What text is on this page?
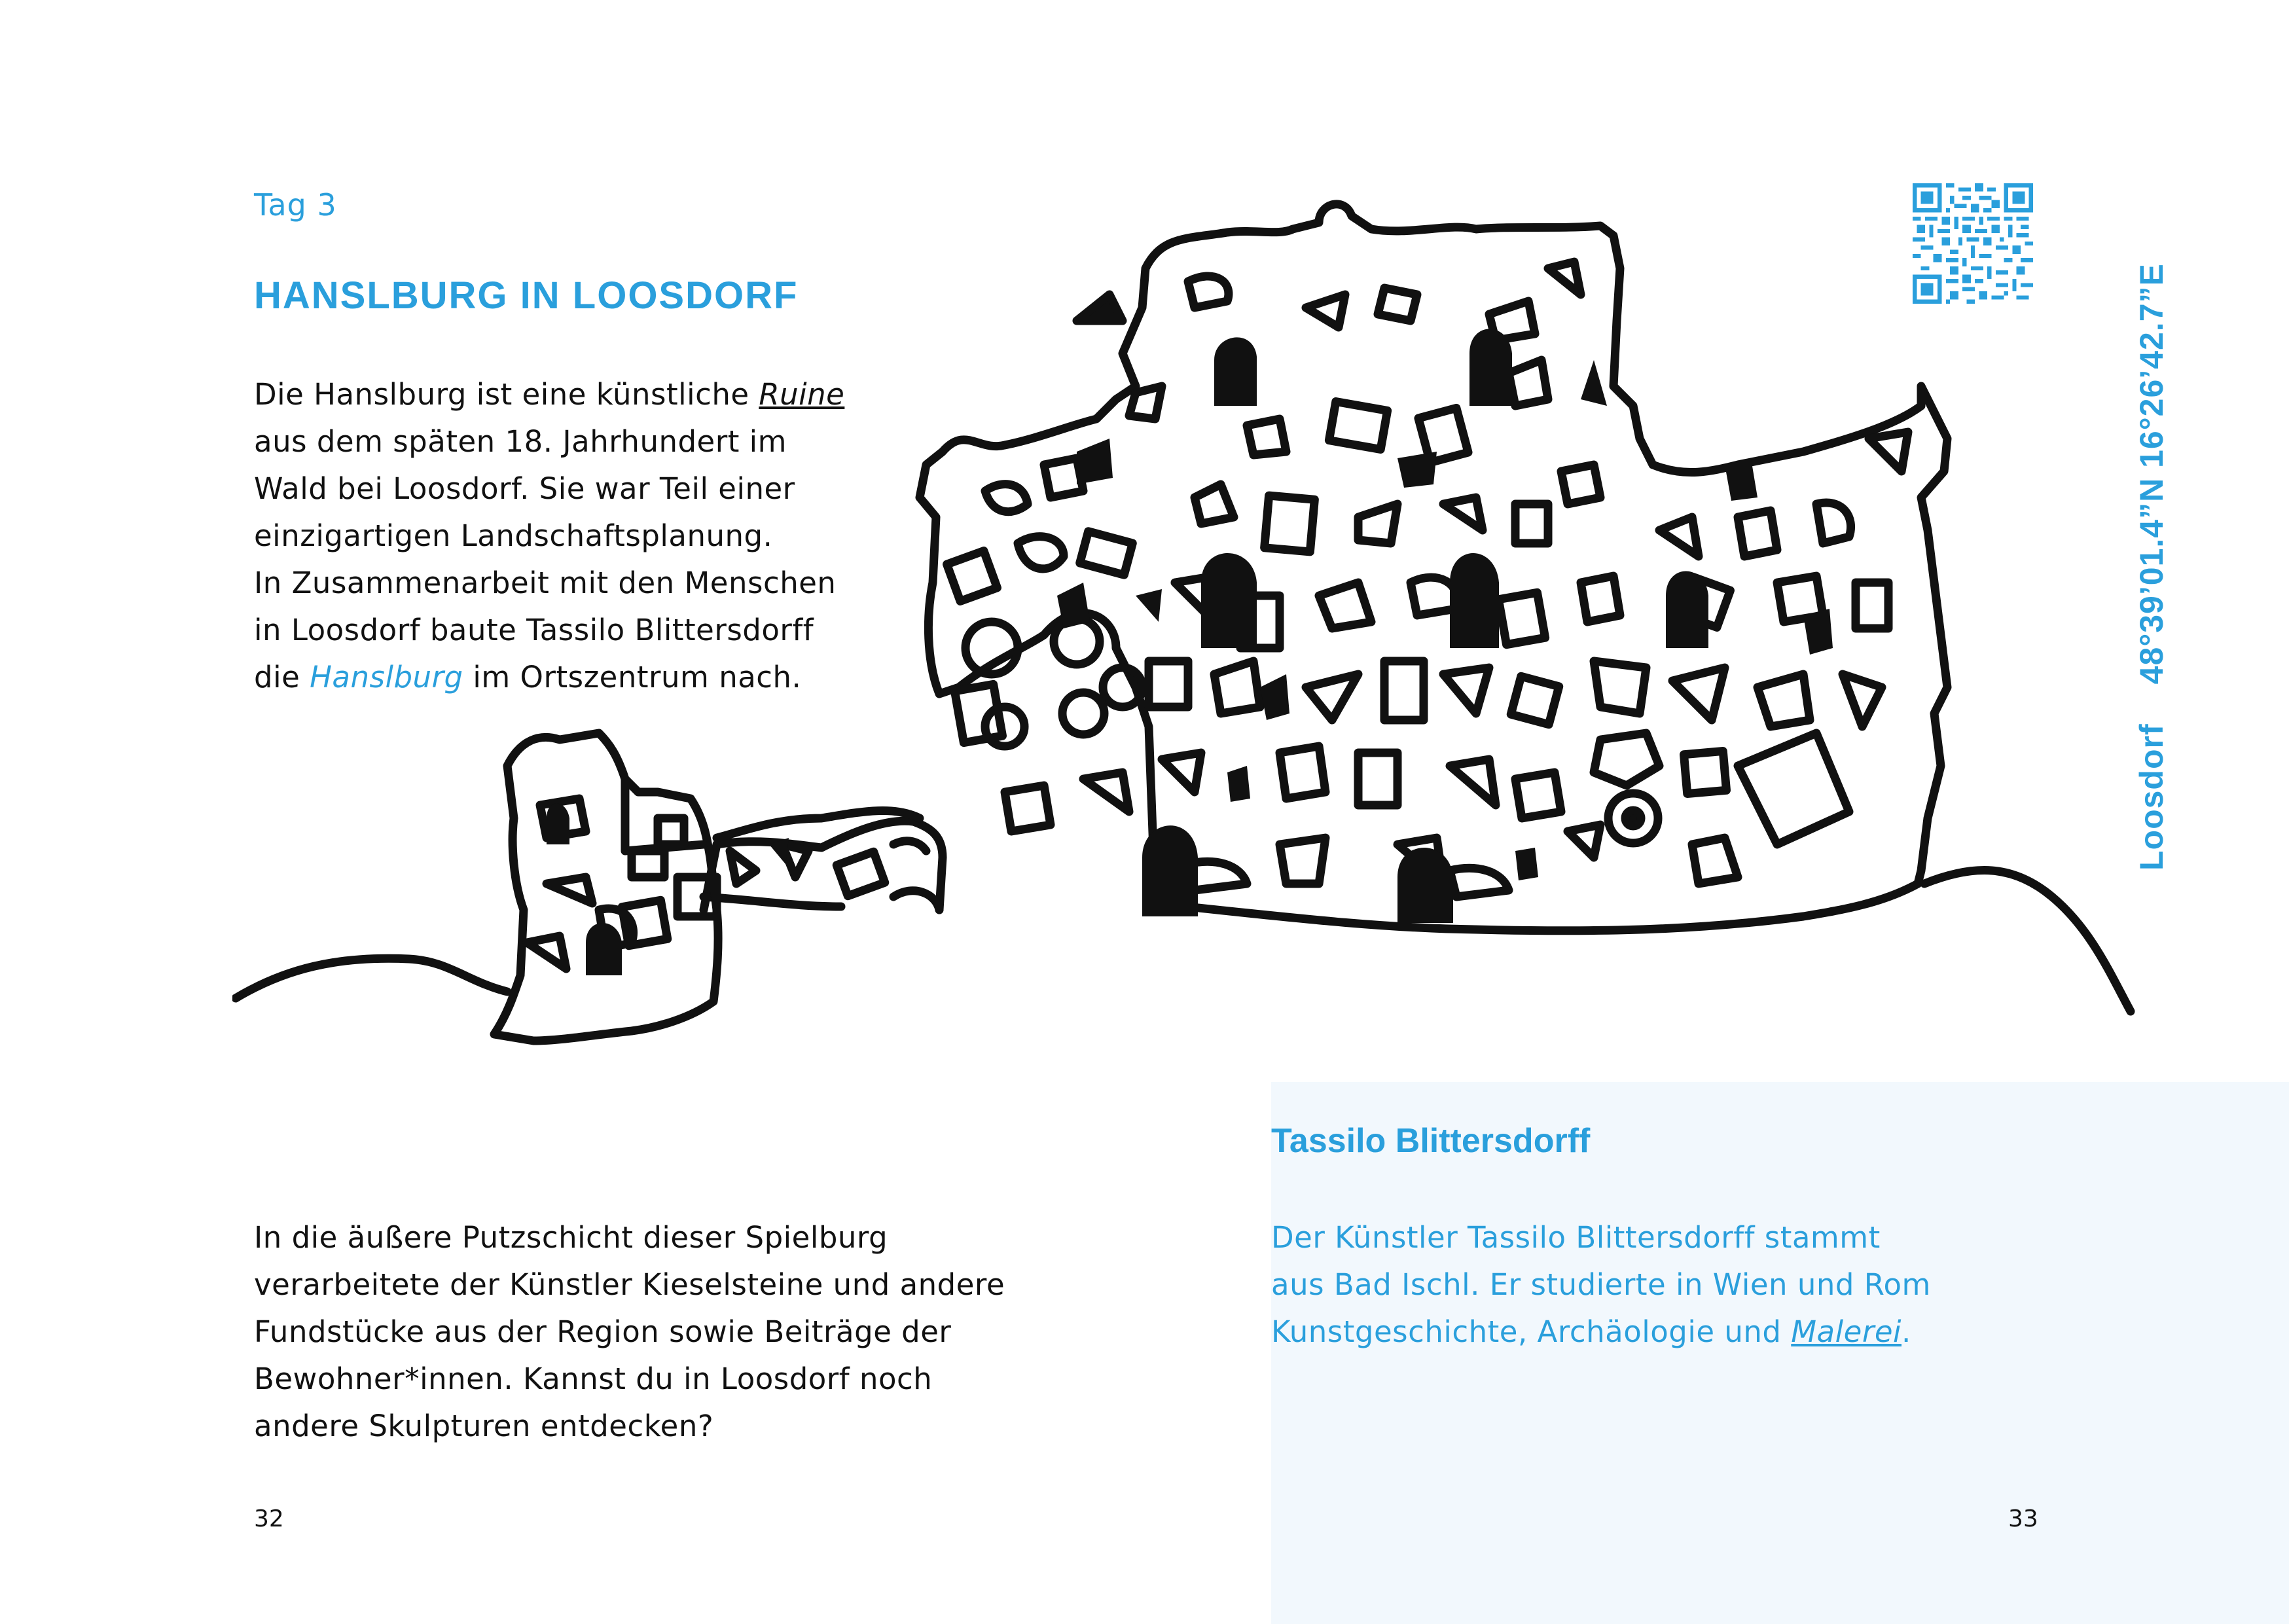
Tag 3
HANSLBURG IN LOOSDORF
Die Hanslburg ist eine künstliche Ruine
aus dem späten 18. Jahrhundert im
Wald bei Loosdorf. Sie war Teil einer
einzigartigen Landschaftsplanung.
In Zusammenarbeit mit den Menschen
in Loosdorf baute Tassilo Blittersdorff
die Hanslburg im Ortszentrum nach.
Loosdorf48°39’01.4”N 16°26’42.7”E
In die äußere Putzschicht dieser Spielburg
verarbeitete der Künstler Kieselsteine und andere
Fundstücke aus der Region sowie Beiträge der
Bewohner*innen. Kannst du in Loosdorf noch
andere Skulpturen entdecken?
Tassilo Blittersdorff
Der Künstler Tassilo Blittersdorff stammt
aus Bad Ischl. Er studierte in Wien und Rom
Kunstgeschichte, Archäologie und Malerei.
32	33
